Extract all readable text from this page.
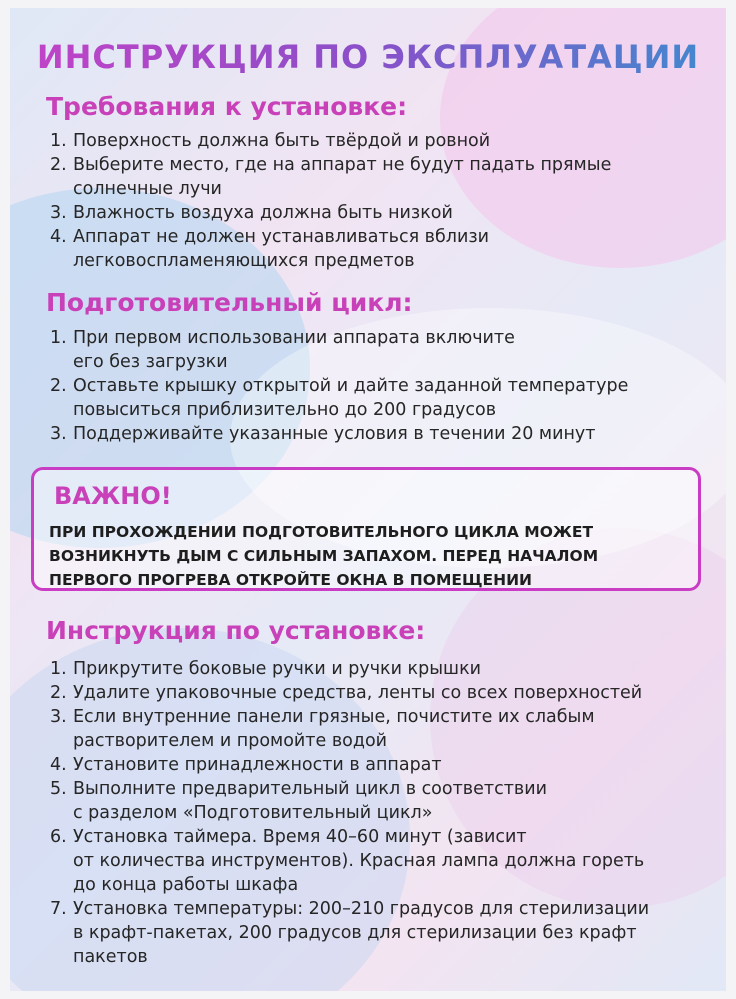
ИНСТРУКЦИЯ ПО ЭКСПЛУАТАЦИИ
Требования к установке:
1. Поверхность должна быть твёрдой и ровной
2. Выберите место, где на аппарат не будут падать прямые
солнечные лучи
3. Влажность воздуха должна быть низкой
4. Аппарат не должен устанавливаться вблизи
легковоспламеняющихся предметов
Подготовительный цикл:
1. При первом использовании аппарата включите
его без загрузки
2. Оставьте крышку открытой и дайте заданной температуре
повыситься приблизительно до 200 градусов
3. Поддерживайте указанные условия в течении 20 минут
ВАЖНО!
ПРИ ПРОХОЖДЕНИИ ПОДГОТОВИТЕЛЬНОГО ЦИКЛА МОЖЕТ
ВОЗНИКНУТЬ ДЫМ С СИЛЬНЫМ ЗАПАХОМ. ПЕРЕД НАЧАЛОМ
ПЕРВОГО ПРОГРЕВА ОТКРОЙТЕ ОКНА В ПОМЕЩЕНИИ
Инструкция по установке:
1. Прикрутите боковые ручки и ручки крышки
2. Удалите упаковочные средства, ленты со всех поверхностей
3. Если внутренние панели грязные, почистите их слабым
растворителем и промойте водой
4. Установите принадлежности в аппарат
5. Выполните предварительный цикл в соответствии
с разделом «Подготовительный цикл»
6. Установка таймера. Время 40–60 минут (зависит
от количества инструментов). Красная лампа должна гореть
до конца работы шкафа
7. Установка температуры: 200–210 градусов для стерилизации
в крафт-пакетах, 200 градусов для стерилизации без крафт
пакетов
